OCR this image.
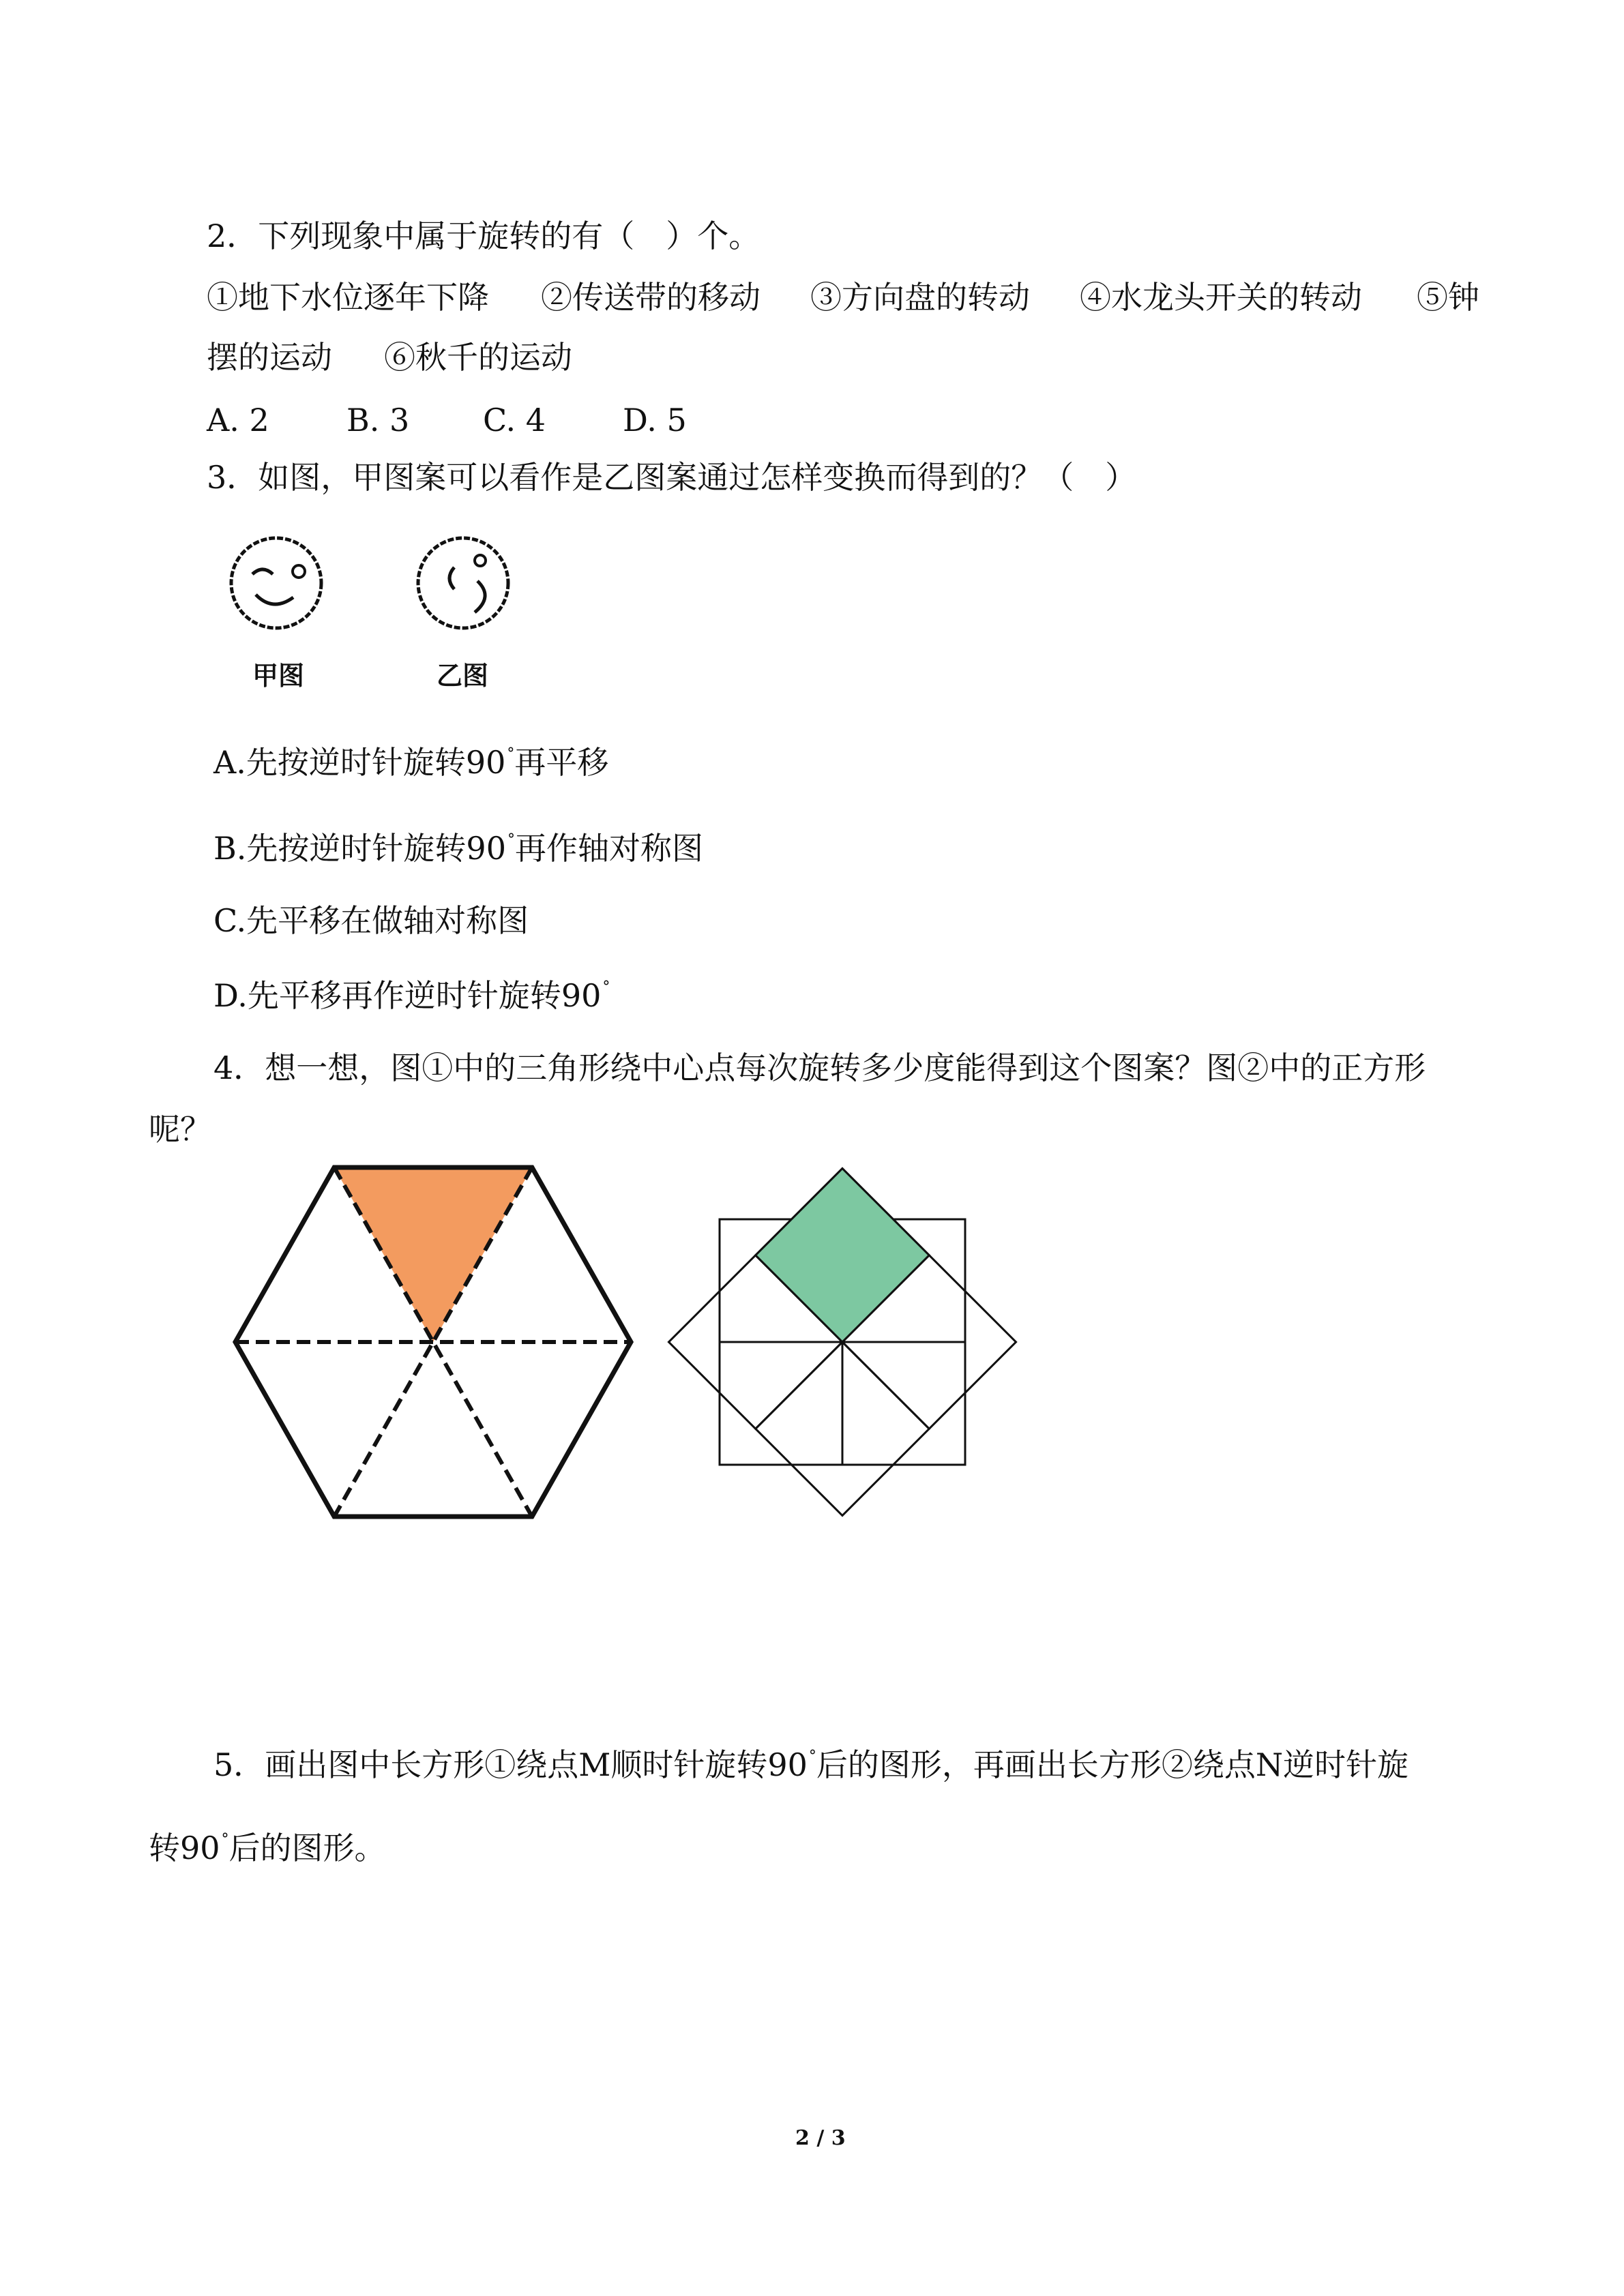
2．下列现象中属于旋转的有（　）个。
①地下水位逐年下降 ②传送带的移动 ③方向盘的转动 ④水龙头开关的转动 ⑤钟
摆的运动 ⑥秋千的运动
A. 2 B. 3 C. 4 D. 5
3．如图，甲图案可以看作是乙图案通过怎样变换而得到的？（　）
甲图	乙图
A.先按逆时针旋转90°再平移
B.先按逆时针旋转90°再作轴对称图
C.先平移在做轴对称图
D.先平移再作逆时针旋转90°
4．想一想，图①中的三角形绕中心点每次旋转多少度能得到这个图案？图②中的正方形
呢？
5．画出图中长方形①绕点M顺时针旋转90°后的图形，再画出长方形②绕点N逆时针旋
转90°后的图形。
2 / 3
